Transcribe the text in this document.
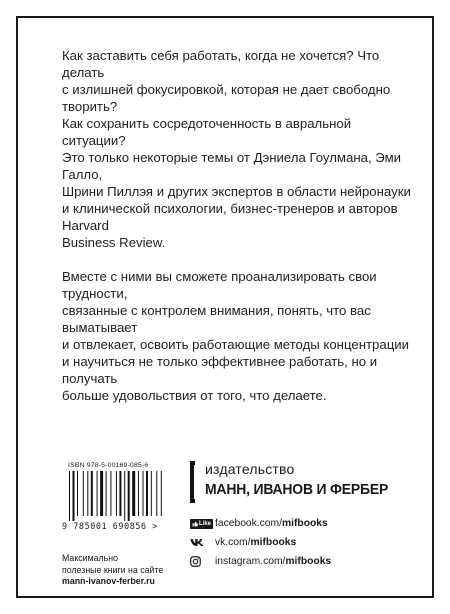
Как заставить себя работать, когда не хочется? Что делать
с излишней фокусировкой, которая не дает свободно творить?
Как сохранить сосредоточенность в авральной ситуации?
Это только некоторые темы от Дэниела Гоулмана, Эми Галло,
Шрини Пиллэя и других экспертов в области нейронауки
и клинической психологии, бизнес-тренеров и авторов Harvard
Business Review.

Вместе с ними вы сможете проанализировать свои трудности,
связанные с контролем внимания, понять, что вас выматывает
и отвлекает, освоить работающие методы концентрации
и научиться не только эффективнее работать, но и получать
больше удовольствия от того, что делаете.

ISBN 978-5-00169-085-6
9 785001 690856 >
Максимально
полезные книги на сайте
mann-ivanov-ferber.ru
издательство
МАНН, ИВАНОВ И ФЕРБЕР
Like facebook.com/ mifbooks
vk.com/ mifbooks
instagram.com/ mifbooks
